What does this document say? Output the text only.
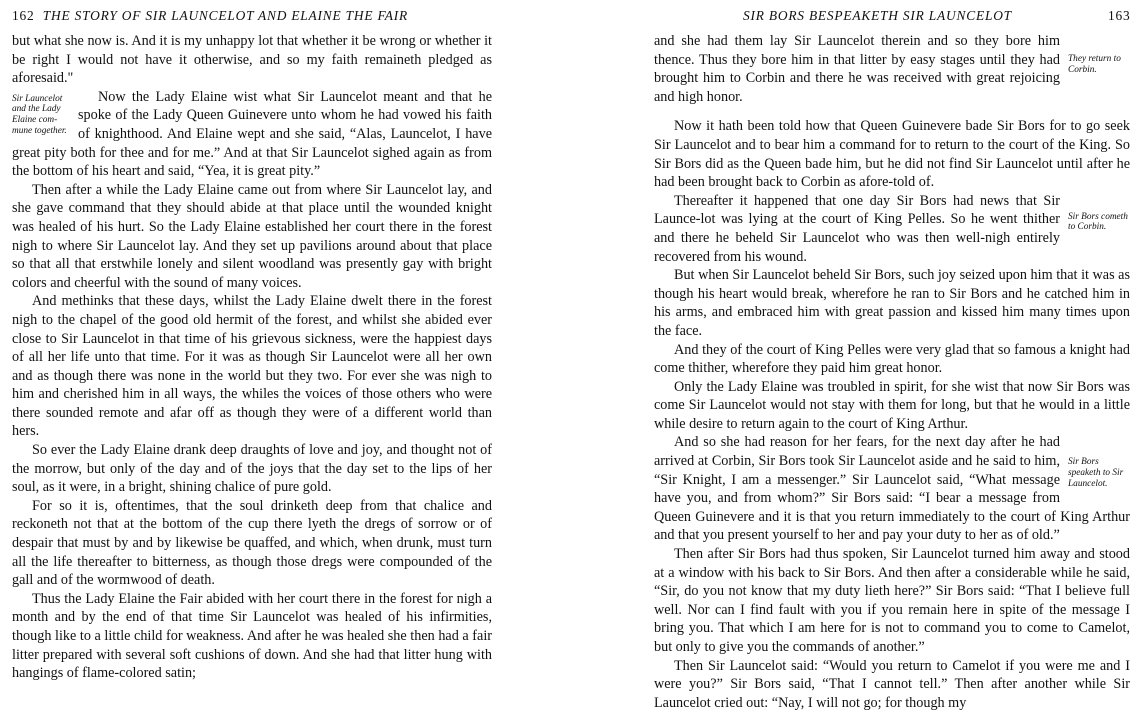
162 THE STORY OF SIR LAUNCELOT AND ELAINE THE FAIR

but what she now is. And it is my unhappy lot that whether it be wrong or whether it be right I would not have it otherwise, and so my faith remaineth pledged as aforesaid."

Sir Launcelot and the Lady Elaine com-mune together.

Now the Lady Elaine wist what Sir Launcelot meant and that he spoke of the Lady Queen Guinevere unto whom he had vowed his faith of knighthood. And Elaine wept and she said, “Alas, Launcelot, I have great pity both for thee and for me.” And at that Sir Launcelot sighed again as from the bottom of his heart and said, “Yea, it is great pity.”

Then after a while the Lady Elaine came out from where Sir Launcelot lay, and she gave command that they should abide at that place until the wounded knight was healed of his hurt. So the Lady Elaine established her court there in the forest nigh to where Sir Launcelot lay. And they set up pavilions around about that place so that all that erstwhile lonely and silent woodland was presently gay with bright colors and cheerful with the sound of many voices.

And methinks that these days, whilst the Lady Elaine dwelt there in the forest nigh to the chapel of the good old hermit of the forest, and whilst she abided ever close to Sir Launcelot in that time of his grievous sickness, were the happiest days of all her life unto that time. For it was as though Sir Launcelot were all her own and as though there was none in the world but they two. For ever she was nigh to him and cherished him in all ways, the whiles the voices of those others who were there sounded remote and afar off as though they were of a different world than hers.

So ever the Lady Elaine drank deep draughts of love and joy, and thought not of the morrow, but only of the day and of the joys that the day set to the lips of her soul, as it were, in a bright, shining chalice of pure gold.

For so it is, oftentimes, that the soul drinketh deep from that chalice and reckoneth not that at the bottom of the cup there lyeth the dregs of sorrow or of despair that must by and by likewise be quaffed, and which, when drunk, must turn all the life thereafter to bitterness, as though those dregs were compounded of the gall and of the wormwood of death.

Thus the Lady Elaine the Fair abided with her court there in the forest for nigh a month and by the end of that time Sir Launcelot was healed of his infirmities, though like to a little child for weakness. And after he was healed she then had a fair litter prepared with several soft cushions of down. And she had that litter hung with hangings of flame-colored satin;

SIR BORS BESPEAKETH SIR LAUNCELOT	163
They return to Corbin.

and she had them lay Sir Launcelot therein and so they bore him thence. Thus they bore him in that litter by easy stages until they had brought him to Corbin and there he was received with great rejoicing and high honor.

Now it hath been told how that Queen Guinevere bade Sir Bors for to go seek Sir Launcelot and to bear him a command for to return to the court of the King. So Sir Bors did as the Queen bade him, but he did not find Sir Launcelot until after he had been brought back to Corbin as afore-told of.

Sir Bors cometh to Corbin.

Thereafter it happened that one day Sir Bors had news that Sir Launce-lot was lying at the court of King Pelles. So he went thither and there he beheld Sir Launcelot who was then well-nigh entirely recovered from his wound.

But when Sir Launcelot beheld Sir Bors, such joy seized upon him that it was as though his heart would break, wherefore he ran to Sir Bors and he catched him in his arms, and embraced him with great passion and kissed him many times upon the face.

And they of the court of King Pelles were very glad that so famous a knight had come thither, wherefore they paid him great honor.

Only the Lady Elaine was troubled in spirit, for she wist that now Sir Bors was come Sir Launcelot would not stay with them for long, but that he would in a little while desire to return again to the court of King Arthur.

Sir Bors speaketh to Sir Launcelot.

And so she had reason for her fears, for the next day after he had arrived at Corbin, Sir Bors took Sir Launcelot aside and he said to him, “Sir Knight, I am a messenger.” Sir Launcelot said, “What message have you, and from whom?” Sir Bors said: “I bear a message from Queen Guinevere and it is that you return immediately to the court of King Arthur and that you present yourself to her and pay your duty to her as of old.”

Then after Sir Bors had thus spoken, Sir Launcelot turned him away and stood at a window with his back to Sir Bors. And then after a considerable while he said, “Sir, do you not know that my duty lieth here?” Sir Bors said: “That I believe full well. Nor can I find fault with you if you remain here in spite of the message I bring you. That which I am here for is not to command you to come to Camelot, but only to give you the commands of another.”

Then Sir Launcelot said: “Would you return to Camelot if you were me and I were you?” Sir Bors said, “That I cannot tell.” Then after another while Sir Launcelot cried out: “Nay, I will not go; for though my
